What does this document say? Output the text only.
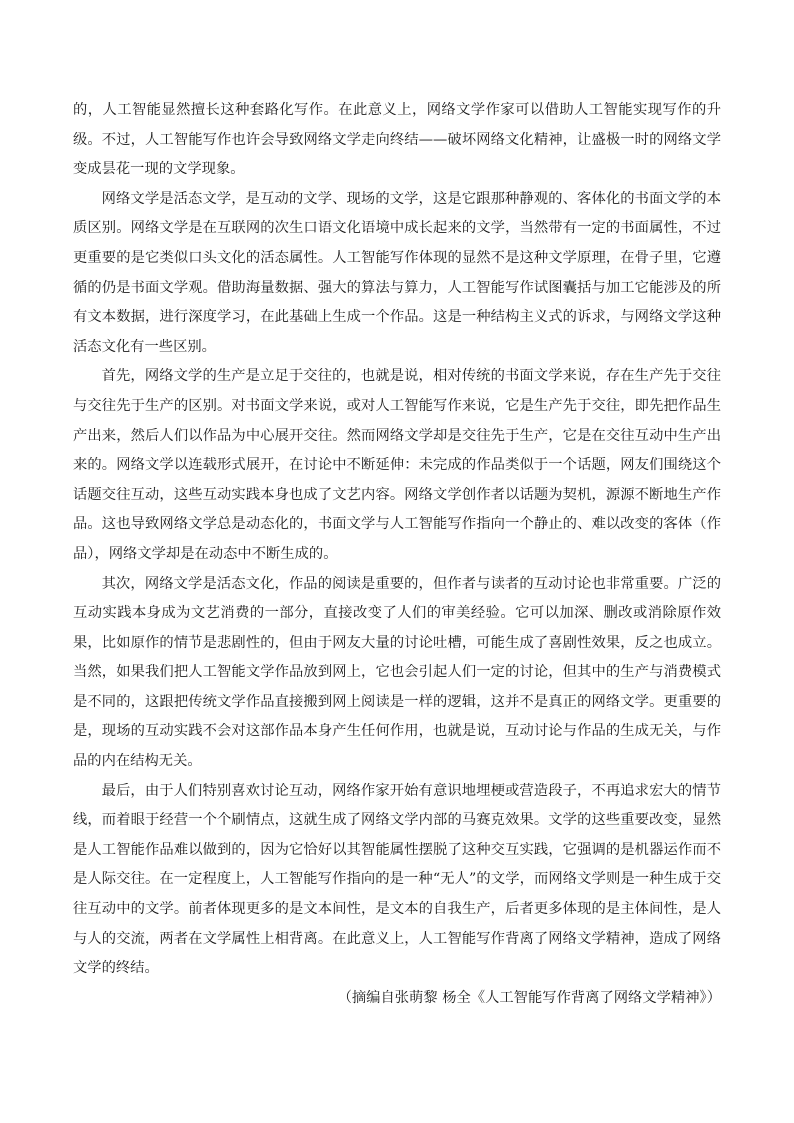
的，人工智能显然擅长这种套路化写作。在此意义上，网络文学作家可以借助人工智能实现写作的升级。不过，人工智能写作也许会导致网络文学走向终结——破坏网络文化精神，让盛极一时的网络文学变成昙花一现的文学现象。

网络文学是活态文学，是互动的文学、现场的文学，这是它跟那种静观的、客体化的书面文学的本质区别。网络文学是在互联网的次生口语文化语境中成长起来的文学，当然带有一定的书面属性，不过更重要的是它类似口头文化的活态属性。人工智能写作体现的显然不是这种文学原理，在骨子里，它遵循的仍是书面文学观。借助海量数据、强大的算法与算力，人工智能写作试图囊括与加工它能涉及的所有文本数据，进行深度学习，在此基础上生成一个作品。这是一种结构主义式的诉求，与网络文学这种活态文化有一些区别。

首先，网络文学的生产是立足于交往的，也就是说，相对传统的书面文学来说，存在生产先于交往与交往先于生产的区别。对书面文学来说，或对人工智能写作来说，它是生产先于交往，即先把作品生产出来，然后人们以作品为中心展开交往。然而网络文学却是交往先于生产，它是在交往互动中生产出来的。网络文学以连载形式展开，在讨论中不断延伸：未完成的作品类似于一个话题，网友们围绕这个话题交往互动，这些互动实践本身也成了文艺内容。网络文学创作者以话题为契机，源源不断地生产作品。这也导致网络文学总是动态化的，书面文学与人工智能写作指向一个静止的、难以改变的客体（作品），网络文学却是在动态中不断生成的。

其次，网络文学是活态文化，作品的阅读是重要的，但作者与读者的互动讨论也非常重要。广泛的互动实践本身成为文艺消费的一部分，直接改变了人们的审美经验。它可以加深、删改或消除原作效果，比如原作的情节是悲剧性的，但由于网友大量的讨论吐槽，可能生成了喜剧性效果，反之也成立。当然，如果我们把人工智能文学作品放到网上，它也会引起人们一定的讨论，但其中的生产与消费模式是不同的，这跟把传统文学作品直接搬到网上阅读是一样的逻辑，这并不是真正的网络文学。更重要的是，现场的互动实践不会对这部作品本身产生任何作用，也就是说，互动讨论与作品的生成无关，与作品的内在结构无关。

最后，由于人们特别喜欢讨论互动，网络作家开始有意识地埋梗或营造段子，不再追求宏大的情节线，而着眼于经营一个个刷情点，这就生成了网络文学内部的马赛克效果。文学的这些重要改变，显然是人工智能作品难以做到的，因为它恰好以其智能属性摆脱了这种交互实践，它强调的是机器运作而不是人际交往。在一定程度上，人工智能写作指向的是一种“无人”的文学，而网络文学则是一种生成于交往互动中的文学。前者体现更多的是文本间性，是文本的自我生产，后者更多体现的是主体间性，是人与人的交流，两者在文学属性上相背离。在此意义上，人工智能写作背离了网络文学精神，造成了网络文学的终结。

（摘编自张萌黎 杨全《人工智能写作背离了网络文学精神》）
